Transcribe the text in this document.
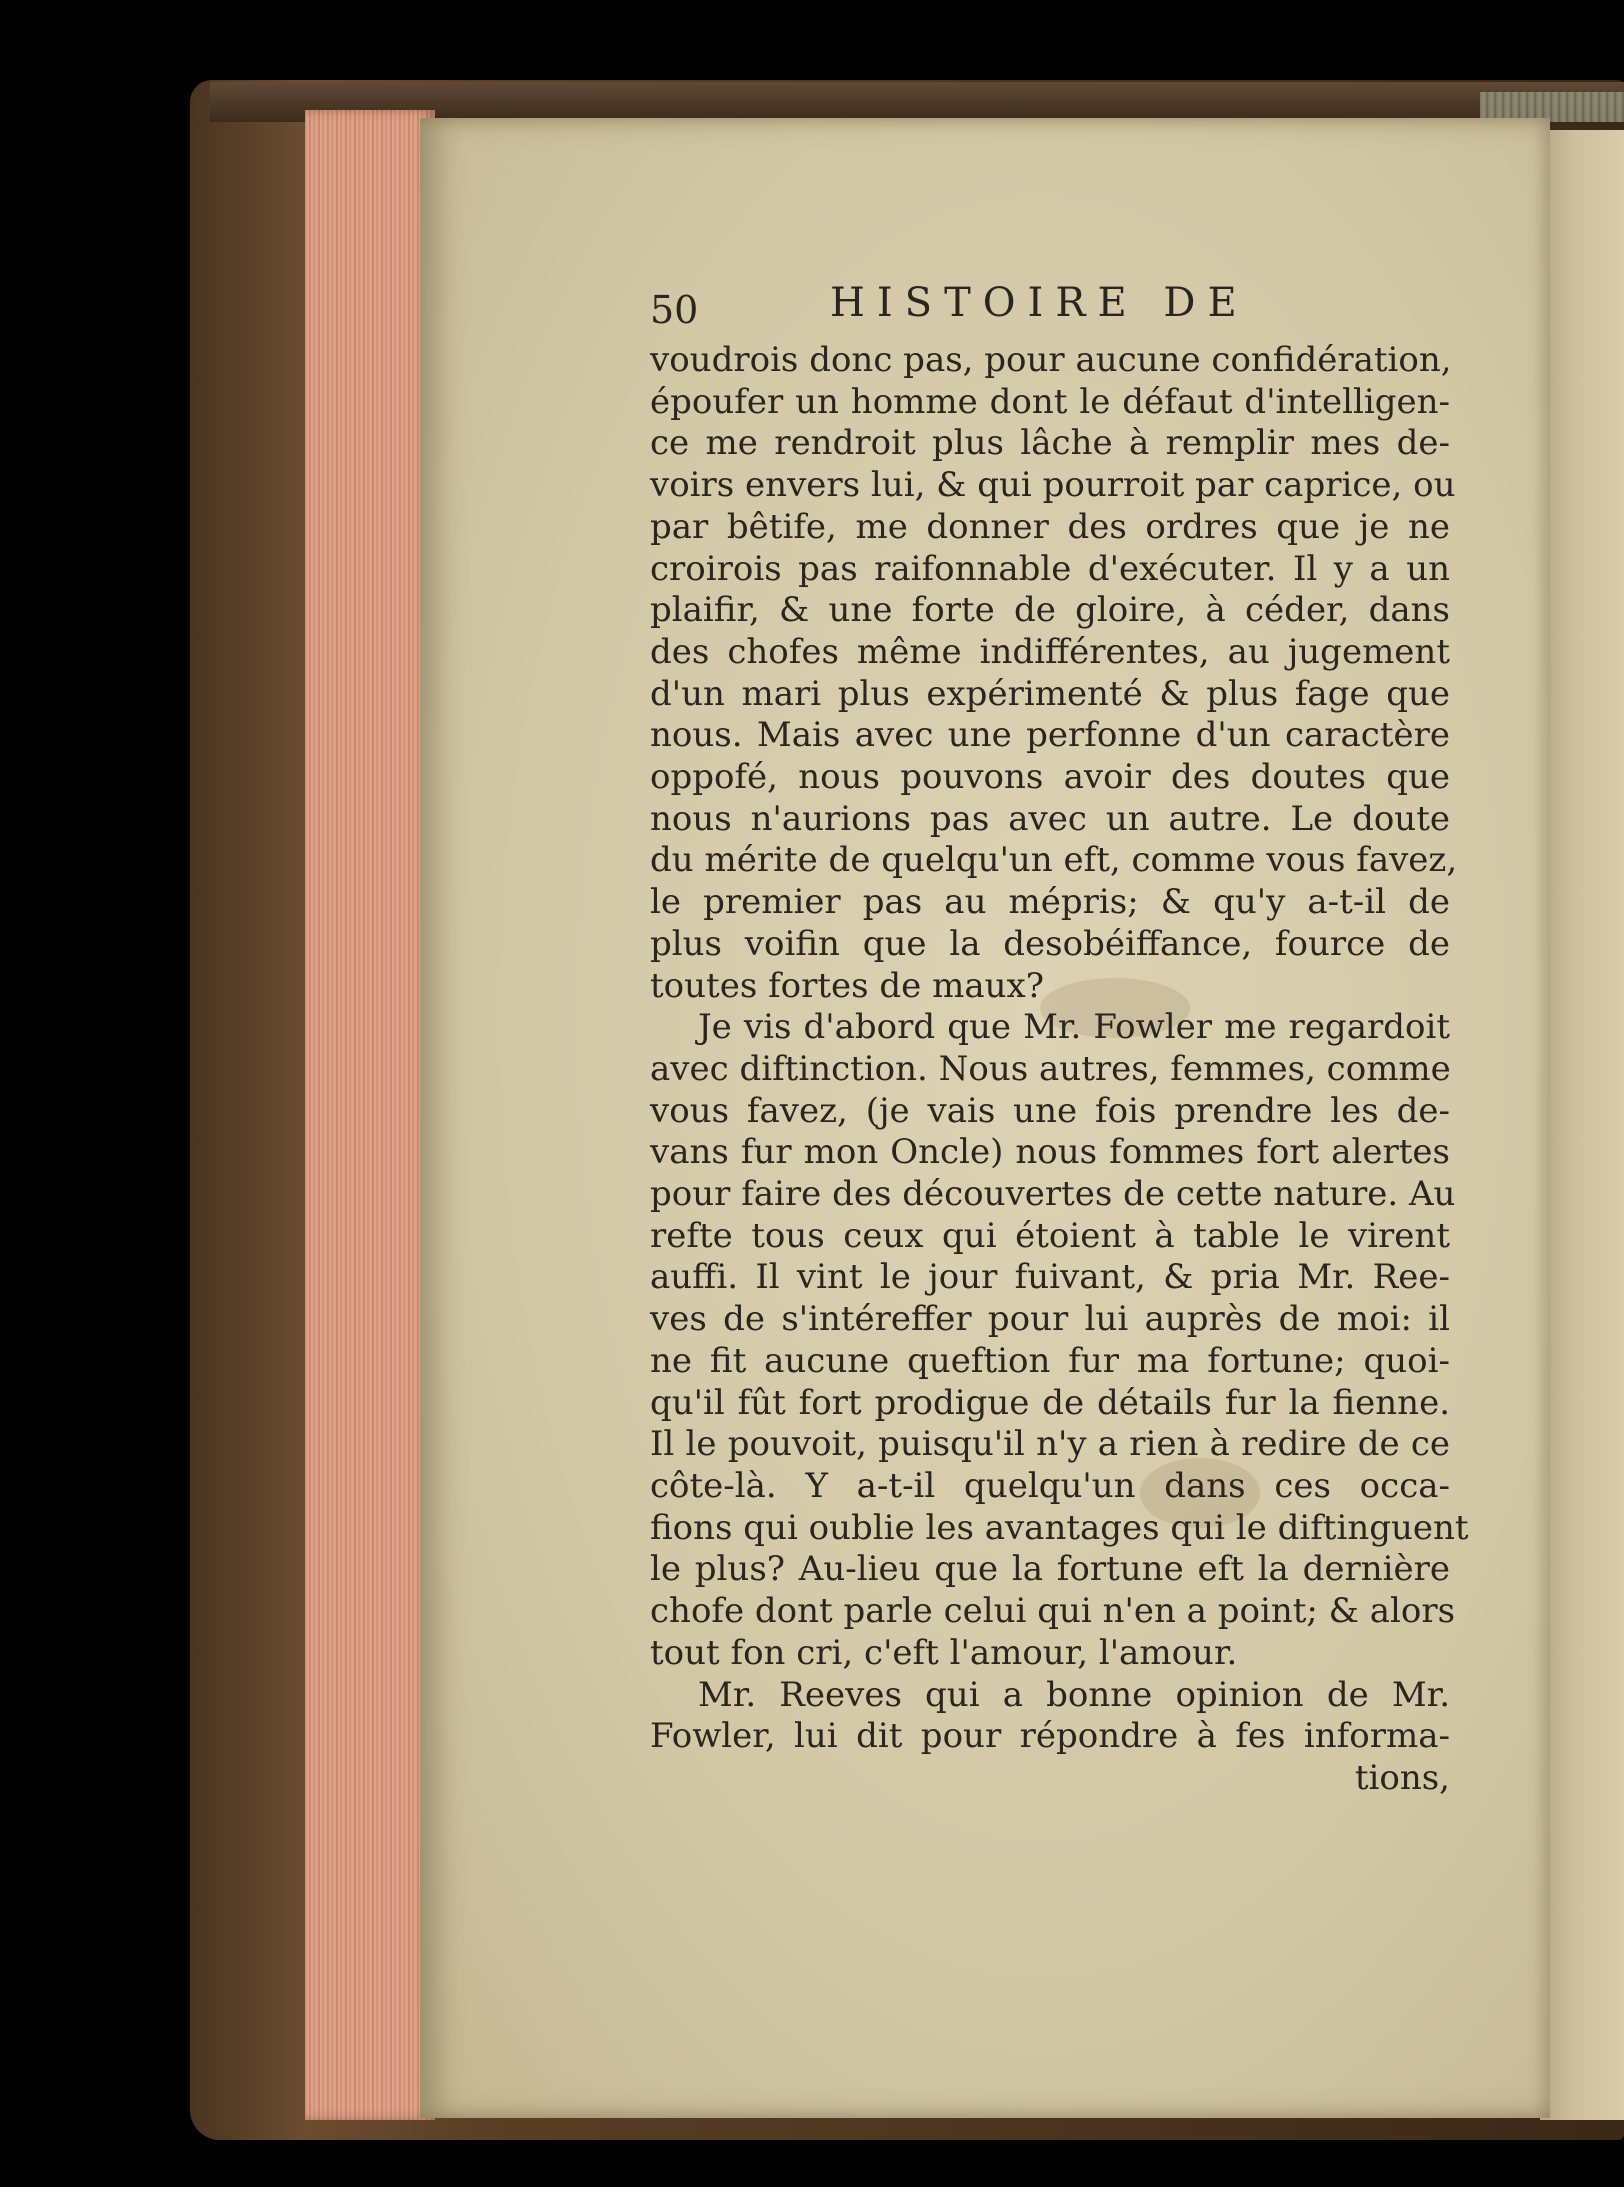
50	HISTOIRE DE
voudrois donc pas, pour aucune confidération,
époufer un homme dont le défaut d'intelligen-
ce me rendroit plus lâche à remplir mes de-
voirs envers lui, & qui pourroit par caprice, ou
par bêtife, me donner des ordres que je ne
croirois pas raifonnable d'exécuter. Il y a un
plaifir, & une forte de gloire, à céder, dans
des chofes même indifférentes, au jugement
d'un mari plus expérimenté & plus fage que
nous. Mais avec une perfonne d'un caractère
oppofé, nous pouvons avoir des doutes que
nous n'aurions pas avec un autre. Le doute
du mérite de quelqu'un eft, comme vous favez,
le premier pas au mépris; & qu'y a-t-il de
plus voifin que la desobéiffance, fource de
toutes fortes de maux?
Je vis d'abord que Mr. Fowler me regardoit
avec diftinction. Nous autres, femmes, comme
vous favez, (je vais une fois prendre les de-
vans fur mon Oncle) nous fommes fort alertes
pour faire des découvertes de cette nature. Au
refte tous ceux qui étoient à table le virent
auffi. Il vint le jour fuivant, & pria Mr. Ree-
ves de s'intéreffer pour lui auprès de moi: il
ne fit aucune queftion fur ma fortune; quoi-
qu'il fût fort prodigue de détails fur la fienne.
Il le pouvoit, puisqu'il n'y a rien à redire de ce
côte-là. Y a-t-il quelqu'un dans ces occa-
fions qui oublie les avantages qui le diftinguent
le plus? Au-lieu que la fortune eft la dernière
chofe dont parle celui qui n'en a point; & alors
tout fon cri, c'eft l'amour, l'amour.
Mr. Reeves qui a bonne opinion de Mr.
Fowler, lui dit pour répondre à fes informa-
tions,
